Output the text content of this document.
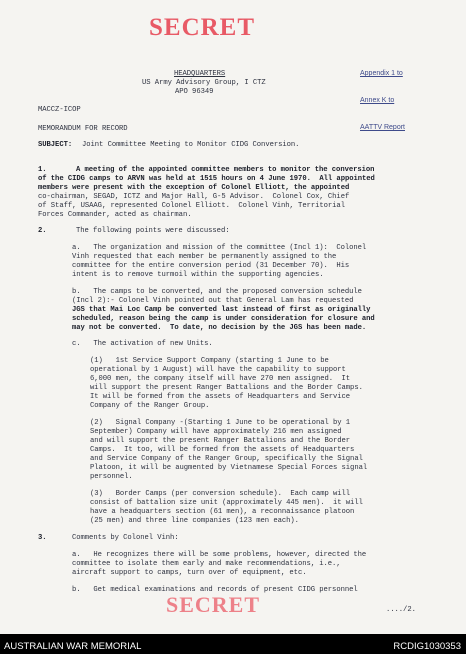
SECRET

Appendix 1 to

Annex K to

AATTV Report

HEADQUARTERS
US Army Advisory Group, I CTZ
APO 96349
MACCZ-ICOP
MEMORANDUM FOR RECORD
SUBJECT: Joint Committee Meeting to Monitor CIDG Conversion.
1.	A meeting of the appointed committee members to monitor the conversion
of the CIDG camps to ARVN was held at 1515 hours on 4 June 1970.  All appointed
members were present with the exception of Colonel Elliott, the appointed
co-chairman, SEGAD, ICTZ and Major Hall, G-5 Advisor.  Colonel Cox, Chief
of Staff, USAAG, represented Colonel Elliott.  Colonel Vinh, Territorial
Forces Commander, acted as chairman.
2.	The following points were discussed:
a.   The organization and mission of the committee (Incl 1):  Colonel
Vinh requested that each member be permanently assigned to the
committee for the entire conversion period (31 December 70).  His
intent is to remove turmoil within the supporting agencies.
b.   The camps to be converted, and the proposed conversion schedule
(Incl 2):- Colonel Vinh pointed out that General Lam has requested
JGS that Mai Loc Camp be converted last instead of first as originally
scheduled, reason being the camp is under consideration for closure and
may not be converted.  To date, no decision by the JGS has been made.
c.   The activation of new Units.
(1)   1st Service Support Company (starting 1 June to be
operational by 1 August) will have the capability to support
6,000 men, the company itself will have 270 men assigned.  It
will support the present Ranger Battalions and the Border Camps.
It will be formed from the assets of Headquarters and Service
Company of the Ranger Group.
(2)   Signal Company -(Starting 1 June to be operational by 1
September) Company will have approximately 216 men assigned
and will support the present Ranger Battalions and the Border
Camps.  It too, will be formed from the assets of Headquarters
and Service Company of the Ranger Group, specifically the Signal
Platoon, it will be augmented by Vietnamese Special Forces signal
personnel.
(3)   Border Camps (per conversion schedule).  Each camp will
consist of battalion size unit (approximately 445 men).  it will
have a headquarters section (61 men), a reconnaissance platoon
(25 men) and three line companies (123 men each).
3.	Comments by Colonel Vinh:
a.   He recognizes there will be some problems, however, directed the
committee to isolate them early and make recommendations, i.e.,
aircraft support to camps, turn over of equipment, etc.
b.   Get medical examinations and records of present CIDG personnel
SECRET	..../2.
AUSTRALIAN WAR MEMORIAL	RCDIG1030353
